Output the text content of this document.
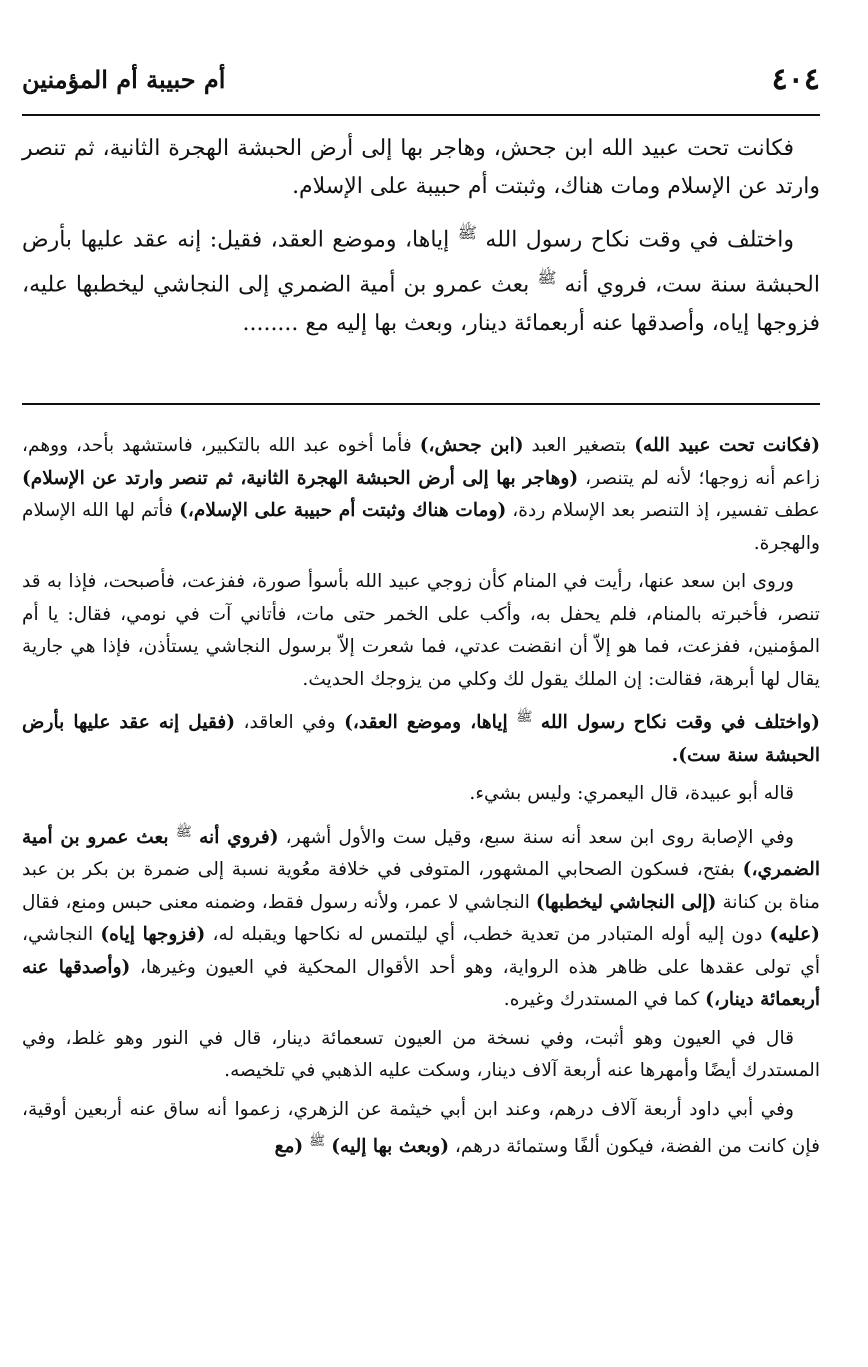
٤٠٤
أم حبيبة أم المؤمنين

فكانت تحت عبيد الله ابن جحش، وهاجر بها إلى أرض الحبشة الهجرة الثانية، ثم تنصر وارتد عن الإسلام ومات هناك، وثبتت أم حبيبة على الإسلام.

واختلف في وقت نكاح رسول الله $^ﷺ$ إياها، وموضع العقد، فقيل: إنه عقد عليها بأرض الحبشة سنة ست، فروي أنه $^ﷺ$ بعث عمرو بن أمية الضمري إلى النجاشي ليخطبها عليه، فزوجها إياه، وأصدقها عنه أربعمائة دينار، وبعث بها إليه مع ........

(فكانت تحت عبيد الله) بتصغير العبد (ابن جحش،) فأما أخوه عبد الله بالتكبير، فاستشهد بأحد، ووهم، زاعم أنه زوجها؛ لأنه لم يتنصر، (وهاجر بها إلى أرض الحبشة الهجرة الثانية، ثم تنصر وارتد عن الإسلام) عطف تفسير، إذ التنصر بعد الإسلام ردة، (ومات هناك وثبتت أم حبيبة على الإسلام،) فأتم لها الله الإسلام والهجرة.

وروى ابن سعد عنها، رأيت في المنام كأن زوجي عبيد الله بأسوأ صورة، ففزعت، فأصبحت، فإذا به قد تنصر، فأخبرته بالمنام، فلم يحفل به، وأكب على الخمر حتى مات، فأتاني آت في نومي، فقال: يا أم المؤمنين، ففزعت، فما هو إلاّ أن انقضت عدتي، فما شعرت إلاّ برسول النجاشي يستأذن، فإذا هي جارية يقال لها أبرهة، فقالت: إن الملك يقول لك وكلي من يزوجك الحديث.

(واختلف في وقت نكاح رسول الله $^ﷺ$ إياها، وموضع العقد،) وفي العاقد، (فقيل إنه عقد عليها بأرض الحبشة سنة ست).

قاله أبو عبيدة، قال اليعمري: وليس بشيء.

وفي الإصابة روى ابن سعد أنه سنة سبع، وقيل ست والأول أشهر، (فروي أنه $^ﷺ$ بعث عمرو بن أمية الضمري،) بفتح، فسكون الصحابي المشهور، المتوفى في خلافة معُوية نسبة إلى ضمرة بن بكر بن عبد مناة بن كنانة (إلى النجاشي ليخطبها) النجاشي لا عمر، ولأنه رسول فقط، وضمنه معنى حبس ومنع، فقال (عليه) دون إليه أوله المتبادر من تعدية خطب، أي ليلتمس له نكاحها ويقبله له، (فزوجها إياه) النجاشي، أي تولى عقدها على ظاهر هذه الرواية، وهو أحد الأقوال المحكية في العيون وغيرها، (وأصدقها عنه أربعمائة دينار،) كما في المستدرك وغيره.

قال في العيون وهو أثبت، وفي نسخة من العيون تسعمائة دينار، قال في النور وهو غلط، وفي المستدرك أيضًا وأمهرها عنه أربعة آلاف دينار، وسكت عليه الذهبي في تلخيصه.

وفي أبي داود أربعة آلاف درهم، وعند ابن أبي خيثمة عن الزهري، زعموا أنه ساق عنه أربعين أوقية، فإن كانت من الفضة، فيكون ألفًا وستمائة درهم، (وبعث بها إليه) $^ﷺ$ (مع
